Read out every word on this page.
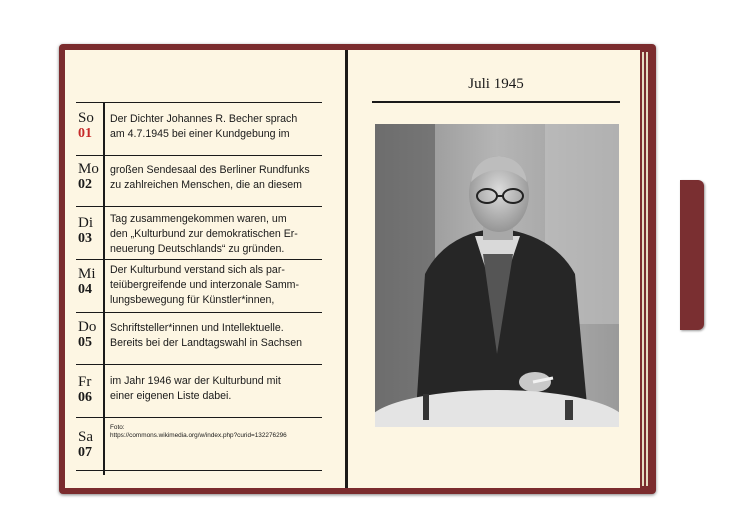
So
01
Der Dichter Johannes R. Becher sprach
am 4.7.1945 bei einer Kundgebung im
Mo
02
großen Sendesaal des Berliner Rundfunks
zu zahlreichen Menschen, die an diesem
Di
03
Tag zusammengekommen waren, um
den „Kulturbund zur demokratischen Er-
neuerung Deutschlands“ zu gründen.
Mi
04
Der Kulturbund verstand sich als par-
teiübergreifende und interzonale Samm-
lungsbewegung für Künstler*innen,
Do
05
Schriftsteller*innen und Intellektuelle.
Bereits bei der Landtagswahl in Sachsen
Fr
06
im Jahr 1946 war der Kulturbund mit
einer eigenen Liste dabei.
Sa
07
Foto:
https://commons.wikimedia.org/w/index.php?curid=132276296
Juli 1945
